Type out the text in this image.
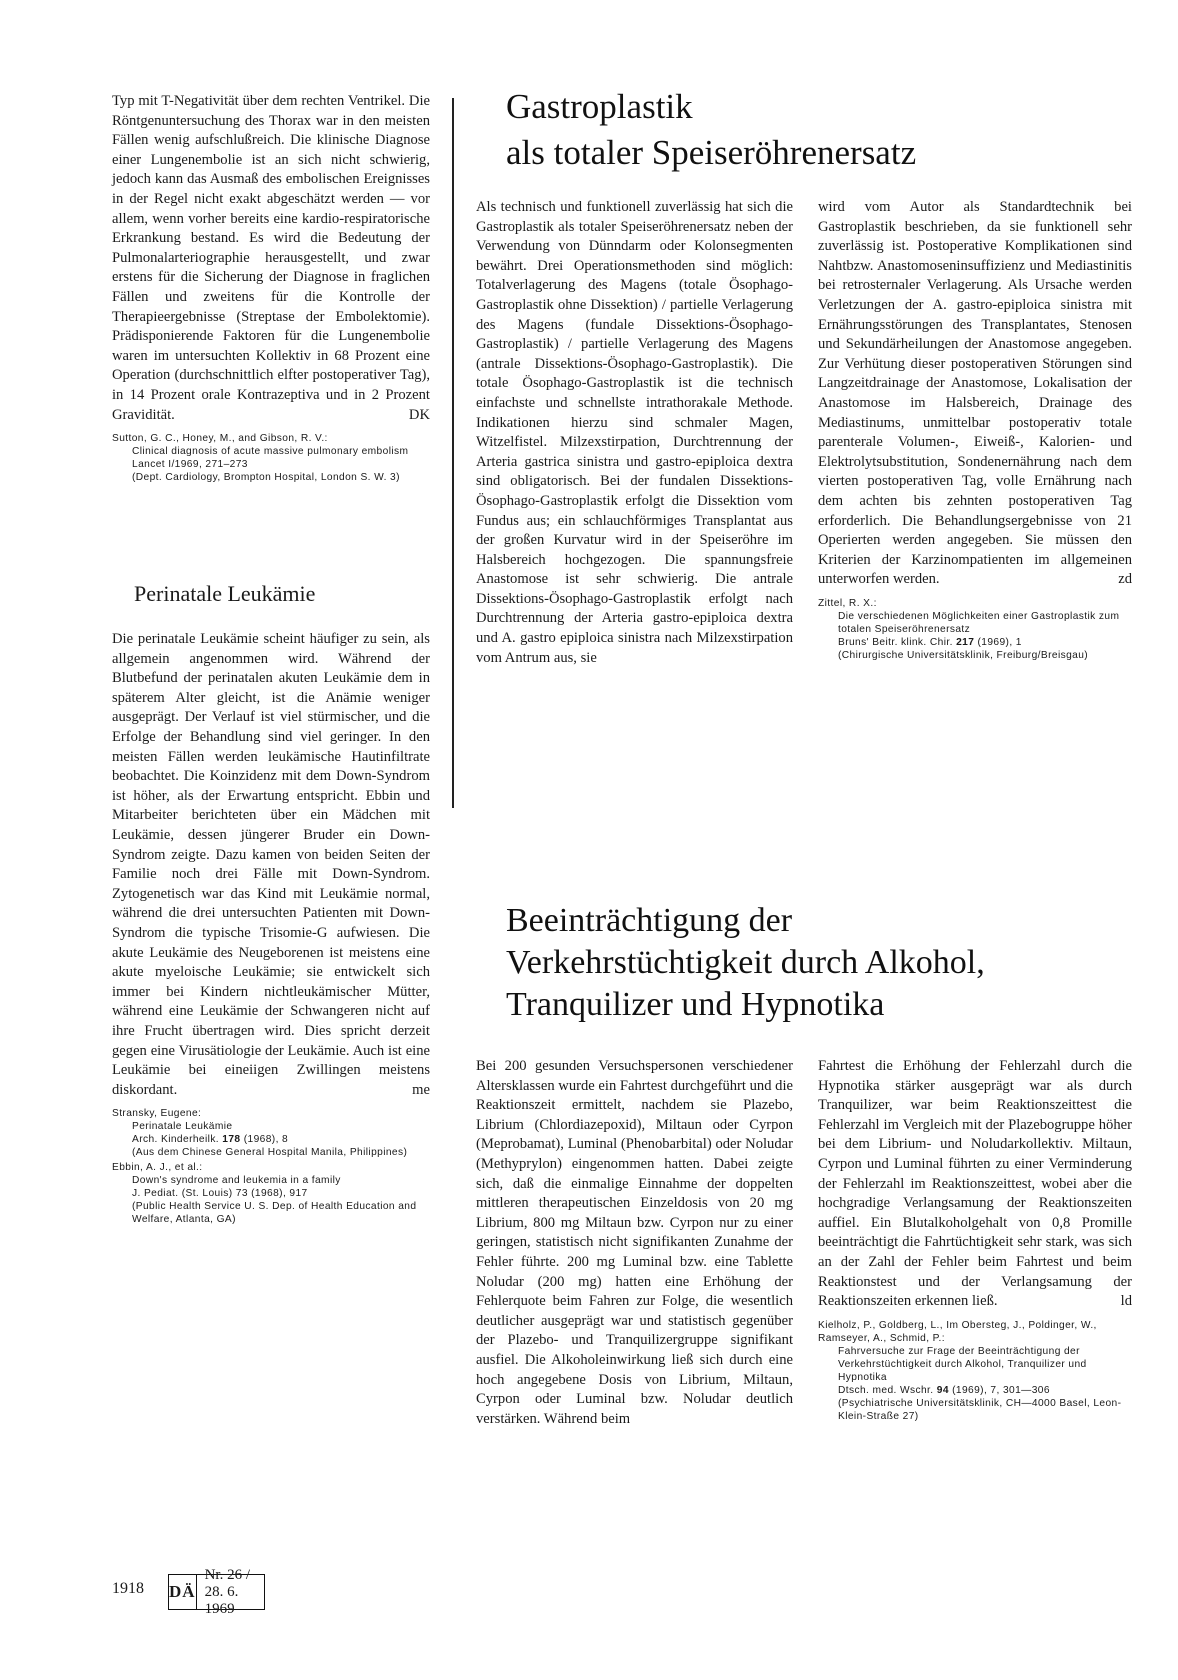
Typ mit T-Negativität über dem rechten Ventrikel. Die Röntgenuntersuchung des Thorax war in den meisten Fällen wenig aufschlußreich. Die klinische Diagnose einer Lungenembolie ist an sich nicht schwierig, jedoch kann das Ausmaß des embolischen Ereignisses in der Regel nicht exakt abgeschätzt werden — vor allem, wenn vorher bereits eine kardio-respiratorische Erkrankung bestand. Es wird die Bedeutung der Pulmonalarteriographie herausgestellt, und zwar erstens für die Sicherung der Diagnose in fraglichen Fällen und zweitens für die Kontrolle der Therapieergebnisse (Streptase der Embolektomie). Prädisponierende Faktoren für die Lungenembolie waren im untersuchten Kollektiv in 68 Prozent eine Operation (durchschnittlich elfter postoperativer Tag), in 14 Prozent orale Kontrazeptiva und in 2 Prozent Gravidität.	DK

Sutton, G. C., Honey, M., and Gibson, R. V.:
Clinical diagnosis of acute massive pulmonary embolism
Lancet I/1969, 271–273
(Dept. Cardiology, Brompton Hospital, London S. W. 3)
Perinatale Leukämie

Die perinatale Leukämie scheint häufiger zu sein, als allgemein angenommen wird. Während der Blutbefund der perinatalen akuten Leukämie dem in späterem Alter gleicht, ist die Anämie weniger ausgeprägt. Der Verlauf ist viel stürmischer, und die Erfolge der Behandlung sind viel geringer. In den meisten Fällen werden leukämische Hautinfiltrate beobachtet. Die Koinzidenz mit dem Down-Syndrom ist höher, als der Erwartung entspricht. Ebbin und Mitarbeiter berichteten über ein Mädchen mit Leukämie, dessen jüngerer Bruder ein Down-Syndrom zeigte. Dazu kamen von beiden Seiten der Familie noch drei Fälle mit Down-Syndrom. Zytogenetisch war das Kind mit Leukämie normal, während die drei untersuchten Patienten mit Down-Syndrom die typische Trisomie-G aufwiesen. Die akute Leukämie des Neugeborenen ist meistens eine akute myeloische Leukämie; sie entwickelt sich immer bei Kindern nichtleukämischer Mütter, während eine Leukämie der Schwangeren nicht auf ihre Frucht übertragen wird. Dies spricht derzeit gegen eine Virusätiologie der Leukämie. Auch ist eine Leukämie bei eineiigen Zwillingen meistens diskordant.	me

Stransky, Eugene:
Perinatale Leukämie
Arch. Kinderheilk. 178 (1968), 8
(Aus dem Chinese General Hospital Manila, Philippines)
Ebbin, A. J., et al.:
Down's syndrome and leukemia in a family
J. Pediat. (St. Louis) 73 (1968), 917
(Public Health Service U. S. Dep. of Health Education and Welfare, Atlanta, GA)
Gastroplastik
als totaler Speiseröhrenersatz

Als technisch und funktionell zuverlässig hat sich die Gastroplastik als totaler Speiseröhrenersatz neben der Verwendung von Dünndarm oder Kolonsegmenten bewährt. Drei Operationsmethoden sind möglich: Totalverlagerung des Magens (totale Ösophago-Gastroplastik ohne Dissektion) / partielle Verlagerung des Magens (fundale Dissektions-Ösophago-Gastroplastik) / partielle Verlagerung des Magens (antrale Dissektions-Ösophago-Gastroplastik). Die totale Ösophago-Gastroplastik ist die technisch einfachste und schnellste intrathorakale Methode. Indikationen hierzu sind schmaler Magen, Witzelfistel. Milzexstirpation, Durchtrennung der Arteria gastrica sinistra und gastro-epiploica dextra sind obligatorisch. Bei der fundalen Dissektions-Ösophago-Gastroplastik erfolgt die Dissektion vom Fundus aus; ein schlauchförmiges Transplantat aus der großen Kurvatur wird in der Speiseröhre im Halsbereich hochgezogen. Die spannungsfreie Anastomose ist sehr schwierig. Die antrale Dissektions-Ösophago-Gastroplastik erfolgt nach Durchtrennung der Arteria gastro-epiploica dextra und A. gastro epiploica sinistra nach Milzexstirpation vom Antrum aus, sie

wird vom Autor als Standardtechnik bei Gastroplastik beschrieben, da sie funktionell sehr zuverlässig ist. Postoperative Komplikationen sind Nahtbzw. Anastomoseninsuffizienz und Mediastinitis bei retrosternaler Verlagerung. Als Ursache werden Verletzungen der A. gastro-epiploica sinistra mit Ernährungsstörungen des Transplantates, Stenosen und Sekundärheilungen der Anastomose angegeben. Zur Verhütung dieser postoperativen Störungen sind Langzeitdrainage der Anastomose, Lokalisation der Anastomose im Halsbereich, Drainage des Mediastinums, unmittelbar postoperativ totale parenterale Volumen-, Eiweiß-, Kalorien- und Elektrolytsubstitution, Sondenernährung nach dem vierten postoperativen Tag, volle Ernährung nach dem achten bis zehnten postoperativen Tag erforderlich. Die Behandlungsergebnisse von 21 Operierten werden angegeben. Sie müssen den Kriterien der Karzinompatienten im allgemeinen unterworfen werden.	zd

Zittel, R. X.:
Die verschiedenen Möglichkeiten einer Gastroplastik zum totalen Speiseröhrenersatz
Bruns' Beitr. klink. Chir. 217 (1969), 1
(Chirurgische Universitätsklinik, Freiburg/Breisgau)
Beeinträchtigung der
Verkehrstüchtigkeit durch Alkohol,
Tranquilizer und Hypnotika

Bei 200 gesunden Versuchspersonen verschiedener Altersklassen wurde ein Fahrtest durchgeführt und die Reaktionszeit ermittelt, nachdem sie Plazebo, Librium (Chlordiazepoxid), Miltaun oder Cyrpon (Meprobamat), Luminal (Phenobarbital) oder Noludar (Methyprylon) eingenommen hatten. Dabei zeigte sich, daß die einmalige Einnahme der doppelten mittleren therapeutischen Einzeldosis von 20 mg Librium, 800 mg Miltaun bzw. Cyrpon nur zu einer geringen, statistisch nicht signifikanten Zunahme der Fehler führte. 200 mg Luminal bzw. eine Tablette Noludar (200 mg) hatten eine Erhöhung der Fehlerquote beim Fahren zur Folge, die wesentlich deutlicher ausgeprägt war und statistisch gegenüber der Plazebo- und Tranquilizergruppe signifikant ausfiel. Die Alkoholeinwirkung ließ sich durch eine hoch angegebene Dosis von Librium, Miltaun, Cyrpon oder Luminal bzw. Noludar deutlich verstärken. Während beim

Fahrtest die Erhöhung der Fehlerzahl durch die Hypnotika stärker ausgeprägt war als durch Tranquilizer, war beim Reaktionszeittest die Fehlerzahl im Vergleich mit der Plazebogruppe höher bei dem Librium- und Noludarkollektiv. Miltaun, Cyrpon und Luminal führten zu einer Verminderung der Fehlerzahl im Reaktionszeittest, wobei aber die hochgradige Verlangsamung der Reaktionszeiten auffiel. Ein Blutalkoholgehalt von 0,8 Promille beeinträchtigt die Fahrtüchtigkeit sehr stark, was sich an der Zahl der Fehler beim Fahrtest und beim Reaktionstest und der Verlangsamung der Reaktionszeiten erkennen ließ.	ld

Kielholz, P., Goldberg, L., Im Obersteg, J., Poldinger, W., Ramseyer, A., Schmid, P.:
Fahrversuche zur Frage der Beeinträchtigung der Verkehrstüchtigkeit durch Alkohol, Tranquilizer und Hypnotika
Dtsch. med. Wschr. 94 (1969), 7, 301—306
(Psychiatrische Universitätsklinik, CH—4000 Basel, Leon-Klein-Straße 27)
1918 DÄ
Nr. 26 / 28. 6. 1969
